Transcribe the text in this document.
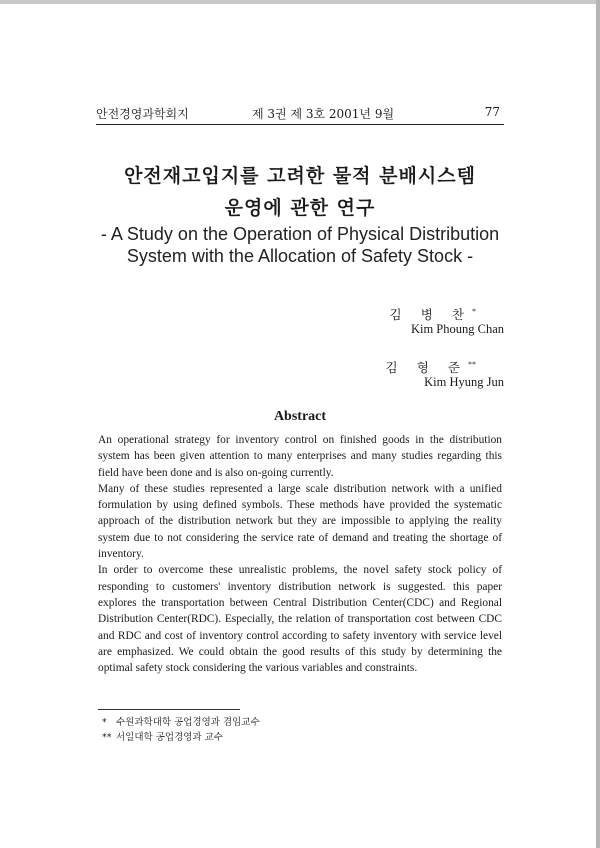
안전경영과학회지	제 3권 제 3호 2001년 9월	77
안전재고입지를 고려한 물적 분배시스템
운영에 관한 연구
- A Study on the Operation of Physical Distribution
System with the Allocation of Safety Stock -
김 병 찬*
Kim Phoung Chan
김 형 준**
Kim Hyung Jun
Abstract

An operational strategy for inventory control on finished goods in the distribution system has been given attention to many enterprises and many studies regarding this field have been done and is also on-going currently.

Many of these studies represented a large scale distribution network with a unified formulation by using defined symbols. These methods have provided the systematic approach of the distribution network but they are impossible to applying the reality system due to not considering the service rate of demand and treating the shortage of inventory.

In order to overcome these unrealistic problems, the novel safety stock policy of responding to customers' inventory distribution network is suggested. this paper explores the transportation between Central Distribution Center(CDC) and Regional Distribution Center(RDC). Especially, the relation of transportation cost between CDC and RDC and cost of inventory control according to safety inventory with service level are emphasized. We could obtain the good results of this study by determining the optimal safety stock considering the various variables and constraints.

* 수원과학대학 공업경영과 겸임교수
** 서일대학 공업경영과 교수
